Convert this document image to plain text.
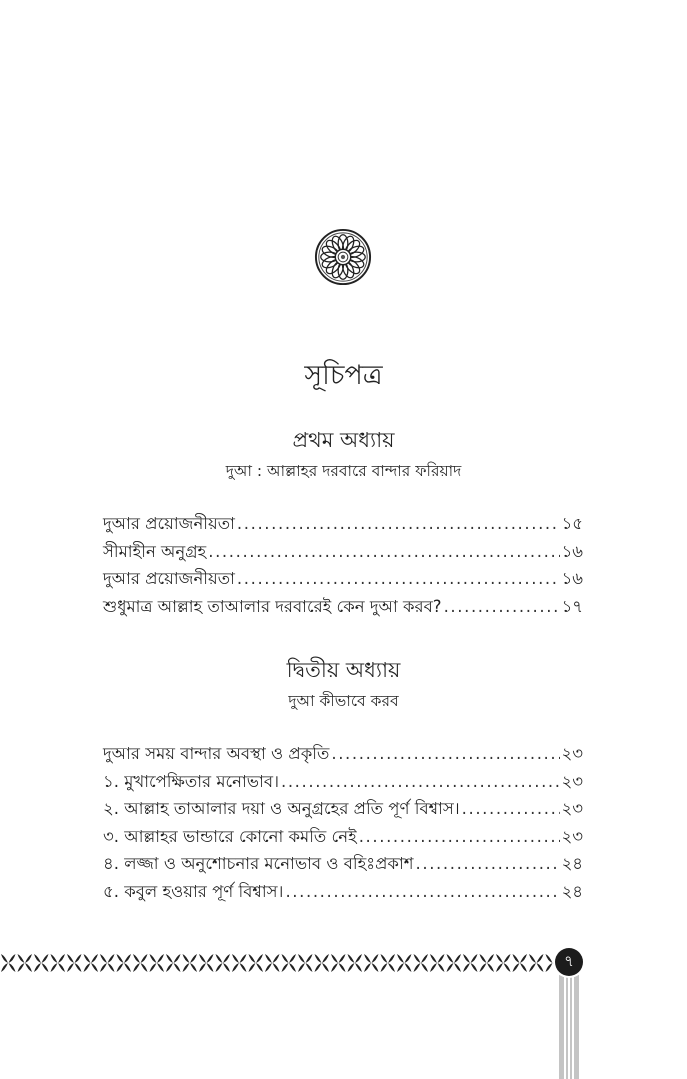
সূচিপত্র
প্রথম অধ্যায়
দুআ : আল্লাহর দরবারে বান্দার ফরিয়াদ
দুআর প্রয়োজনীয়তা .....	১৫
সীমাহীন অনুগ্রহ .....	১৬
দুআর প্রয়োজনীয়তা .....	১৬
শুধুমাত্র আল্লাহ তাআলার দরবারেই কেন দুআ করব? .....	১৭
দ্বিতীয় অধ্যায়
দুআ কীভাবে করব
দুআর সময় বান্দার অবস্থা ও প্রকৃতি .....	২৩
১. মুখাপেক্ষিতার মনোভাব। .....	২৩
২. আল্লাহ তাআলার দয়া ও অনুগ্রহের প্রতি পূর্ণ বিশ্বাস। .....	২৩
৩. আল্লাহর ভান্ডারে কোনো কমতি নেই .....	২৩
৪. লজ্জা ও অনুশোচনার মনোভাব ও বহিঃপ্রকাশ .....	২৪
৫. কবুল হওয়ার পূর্ণ বিশ্বাস। .....	২৪
৭
